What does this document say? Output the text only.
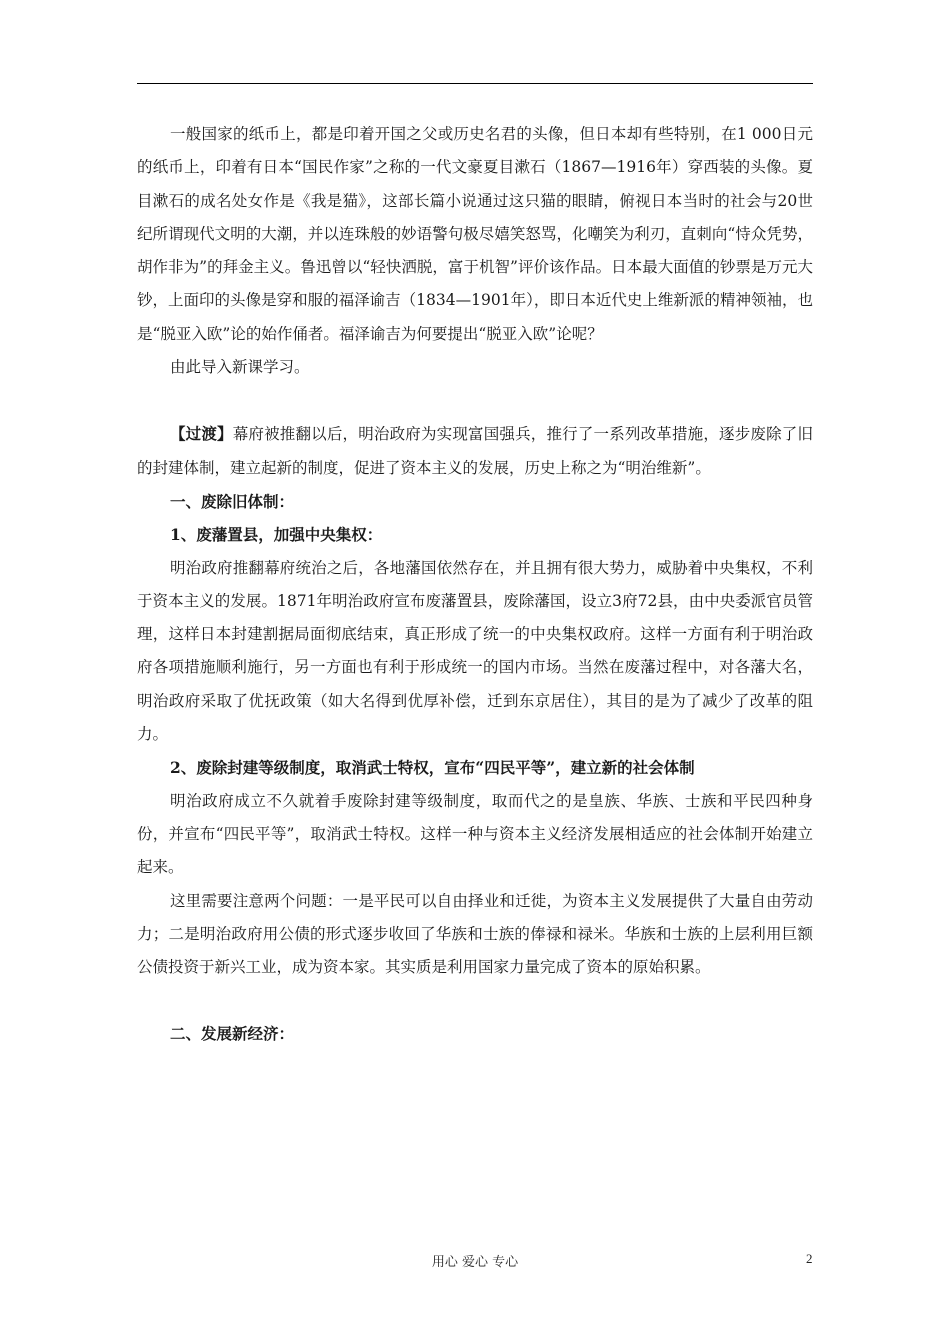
一般国家的纸币上，都是印着开国之父或历史名君的头像，但日本却有些特别，在1 000日元的纸币上，印着有日本“国民作家”之称的一代文豪夏目漱石（1867—1916年）穿西装的头像。夏目漱石的成名处女作是《我是猫》，这部长篇小说通过这只猫的眼睛，俯视日本当时的社会与20世纪所谓现代文明的大潮，并以连珠般的妙语警句极尽嬉笑怒骂，化嘲笑为利刃，直刺向“恃众凭势，胡作非为”的拜金主义。鲁迅曾以“轻快洒脱，富于机智”评价该作品。日本最大面值的钞票是万元大钞，上面印的头像是穿和服的福泽谕吉（1834—1901年），即日本近代史上维新派的精神领袖，也是“脱亚入欧”论的始作俑者。福泽谕吉为何要提出“脱亚入欧”论呢？

由此导入新课学习。

【过渡】幕府被推翻以后，明治政府为实现富国强兵，推行了一系列改革措施，逐步废除了旧的封建体制，建立起新的制度，促进了资本主义的发展，历史上称之为“明治维新”。

一、废除旧体制：

1、废藩置县，加强中央集权：

明治政府推翻幕府统治之后，各地藩国依然存在，并且拥有很大势力，威胁着中央集权，不利于资本主义的发展。1871年明治政府宣布废藩置县，废除藩国，设立3府72县，由中央委派官员管理，这样日本封建割据局面彻底结束，真正形成了统一的中央集权政府。这样一方面有利于明治政府各项措施顺利施行，另一方面也有利于形成统一的国内市场。当然在废藩过程中，对各藩大名，明治政府采取了优抚政策（如大名得到优厚补偿，迁到东京居住），其目的是为了减少了改革的阻力。

2、废除封建等级制度，取消武士特权，宣布“四民平等”，建立新的社会体制

明治政府成立不久就着手废除封建等级制度，取而代之的是皇族、华族、士族和平民四种身份，并宣布“四民平等”，取消武士特权。这样一种与资本主义经济发展相适应的社会体制开始建立起来。

这里需要注意两个问题：一是平民可以自由择业和迁徙，为资本主义发展提供了大量自由劳动力；二是明治政府用公债的形式逐步收回了华族和士族的俸禄和禄米。华族和士族的上层利用巨额公债投资于新兴工业，成为资本家。其实质是利用国家力量完成了资本的原始积累。

二、发展新经济：

用心 爱心 专心	2
